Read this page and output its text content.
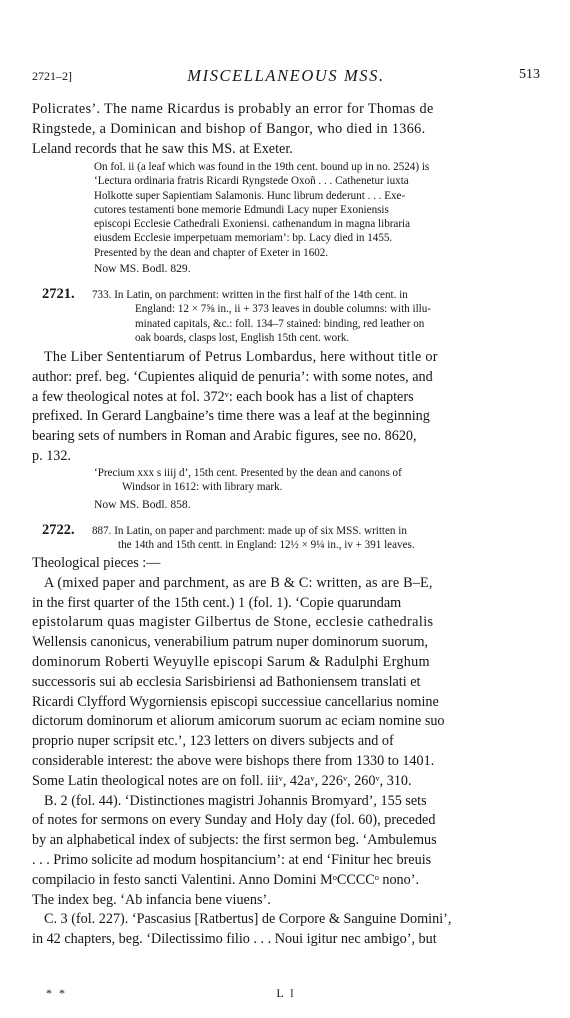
2721–2]	MISCELLANEOUS MSS.	513
Policrates’. The name Ricardus is probably an error for Thomas de
Ringstede, a Dominican and bishop of Bangor, who died in 1366.
Leland records that he saw this MS. at Exeter.
On fol. ii (a leaf which was found in the 19th cent. bound up in no. 2524) is
‘Lectura ordinaria fratris Ricardi Ryngstede Oxoñ . . . Cathenetur iuxta
Holkotte super Sapientiam Salamonis. Hunc librum dederunt . . . Exe-
cutores testamenti bone memorie Edmundi Lacy nuper Exoniensis
episcopi Ecclesie Cathedrali Exoniensi. cathenandum in magna libraria
eiusdem Ecclesie imperpetuam memoriam’: bp. Lacy died in 1455.
Presented by the dean and chapter of Exeter in 1602.
Now MS. Bodl. 829.
2721. 733. In Latin, on parchment: written in the first half of the 14th cent. in
England: 12 × 7⅝ in., ii + 373 leaves in double columns: with illu-
minated capitals, &c.: foll. 134–7 stained: binding, red leather on
oak boards, clasps lost, English 15th cent. work.
The Liber Sententiarum of Petrus Lombardus, here without title or
author: pref. beg. ‘Cupientes aliquid de penuria’: with some notes, and
a few theological notes at fol. 372ᵛ: each book has a list of chapters
prefixed. In Gerard Langbaine’s time there was a leaf at the beginning
bearing sets of numbers in Roman and Arabic figures, see no. 8620,
p. 132.
‘Precium xxx s iiij d’, 15th cent. Presented by the dean and canons of
Windsor in 1612: with library mark.
Now MS. Bodl. 858.
2722. 887. In Latin, on paper and parchment: made up of six MSS. written in
the 14th and 15th centt. in England: 12½ × 9¼ in., iv + 391 leaves.
Theological pieces :—
A (mixed paper and parchment, as are B & C: written, as are B–E,
in the first quarter of the 15th cent.) 1 (fol. 1). ‘Copie quarundam
epistolarum quas magister Gilbertus de Stone, ecclesie cathedralis
Wellensis canonicus, venerabilium patrum nuper dominorum suorum,
dominorum Roberti Weyuylle episcopi Sarum & Radulphi Erghum
successoris sui ab ecclesia Sarisbiriensi ad Bathoniensem translati et
Ricardi Clyfford Wygorniensis episcopi successiue cancellarius nomine
dictorum dominorum et aliorum amicorum suorum ac eciam nomine suo
proprio nuper scripsit etc.’, 123 letters on divers subjects and of
considerable interest: the above were bishops there from 1330 to 1401.
Some Latin theological notes are on foll. iiiᵛ, 42aᵛ, 226ᵛ, 260ᵛ, 310.
B. 2 (fol. 44). ‘Distinctiones magistri Johannis Bromyard’, 155 sets
of notes for sermons on every Sunday and Holy day (fol. 60), preceded
by an alphabetical index of subjects: the first sermon beg. ‘Ambulemus
. . . Primo solicite ad modum hospitancium’: at end ‘Finitur hec breuis
compilacio in festo sancti Valentini. Anno Domini MᵒCCCCᵒ nono’.
The index beg. ‘Ab infancia bene viuens’.
C. 3 (fol. 227). ‘Pascasius [Ratbertus] de Corpore & Sanguine Domini’,
in 42 chapters, beg. ‘Dilectissimo filio . . . Noui igitur nec ambigo’, but
* *	L l
